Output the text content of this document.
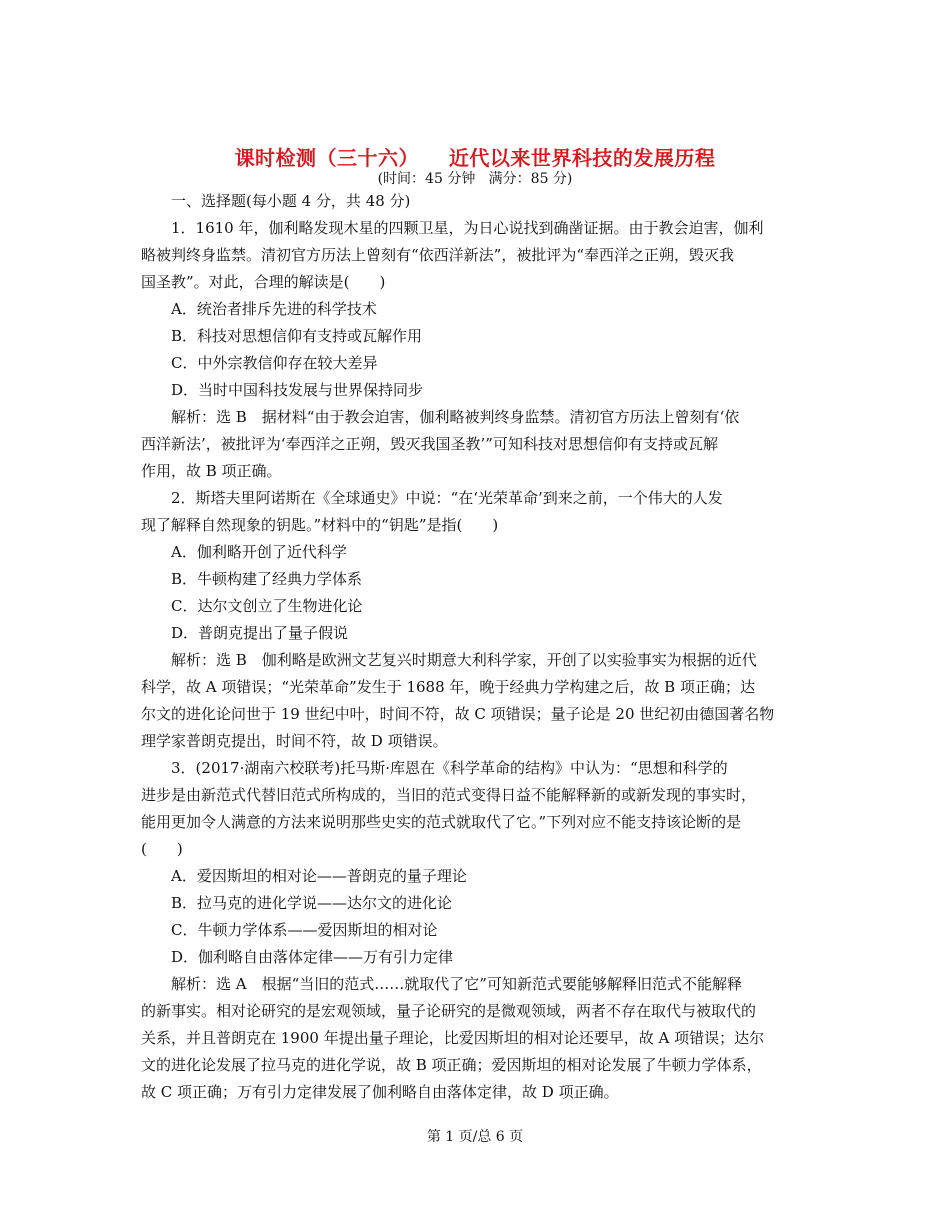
课时检测（三十六）    近代以来世界科技的发展历程
(时间：45 分钟   满分：85 分)
一、选择题(每小题 4 分，共 48 分)
1．1610 年，伽利略发现木星的四颗卫星，为日心说找到确凿证据。由于教会迫害，伽利
略被判终身监禁。清初官方历法上曾刻有“依西洋新法”，被批评为“奉西洋之正朔，毁灭我
国圣教”。对此，合理的解读是(　　)
A．统治者排斥先进的科学技术
B．科技对思想信仰有支持或瓦解作用
C．中外宗教信仰存在较大差异
D．当时中国科技发展与世界保持同步
解析：选 B　据材料“由于教会迫害，伽利略被判终身监禁。清初官方历法上曾刻有‘依
西洋新法’，被批评为‘奉西洋之正朔，毁灭我国圣教’”可知科技对思想信仰有支持或瓦解
作用，故 B 项正确。
2．斯塔夫里阿诺斯在《全球通史》中说：“在‘光荣革命’到来之前，一个伟大的人发
现了解释自然现象的钥匙。”材料中的“钥匙”是指(　　)
A．伽利略开创了近代科学
B．牛顿构建了经典力学体系
C．达尔文创立了生物进化论
D．普朗克提出了量子假说
解析：选 B　伽利略是欧洲文艺复兴时期意大利科学家，开创了以实验事实为根据的近代
科学，故 A 项错误；“光荣革命”发生于 1688 年，晚于经典力学构建之后，故 B 项正确；达
尔文的进化论问世于 19 世纪中叶，时间不符，故 C 项错误；量子论是 20 世纪初由德国著名物
理学家普朗克提出，时间不符，故 D 项错误。
3．(2017·湖南六校联考)托马斯·库恩在《科学革命的结构》中认为：“思想和科学的
进步是由新范式代替旧范式所构成的，当旧的范式变得日益不能解释新的或新发现的事实时，
能用更加令人满意的方法来说明那些史实的范式就取代了它。”下列对应不能支持该论断的是
(　　)
A．爱因斯坦的相对论——普朗克的量子理论
B．拉马克的进化学说——达尔文的进化论
C．牛顿力学体系——爱因斯坦的相对论
D．伽利略自由落体定律——万有引力定律
解析：选 A　根据“当旧的范式……就取代了它”可知新范式要能够解释旧范式不能解释
的新事实。相对论研究的是宏观领域，量子论研究的是微观领域，两者不存在取代与被取代的
关系，并且普朗克在 1900 年提出量子理论，比爱因斯坦的相对论还要早，故 A 项错误；达尔
文的进化论发展了拉马克的进化学说，故 B 项正确；爱因斯坦的相对论发展了牛顿力学体系，
故 C 项正确；万有引力定律发展了伽利略自由落体定律，故 D 项正确。
第 1 页/总 6 页
